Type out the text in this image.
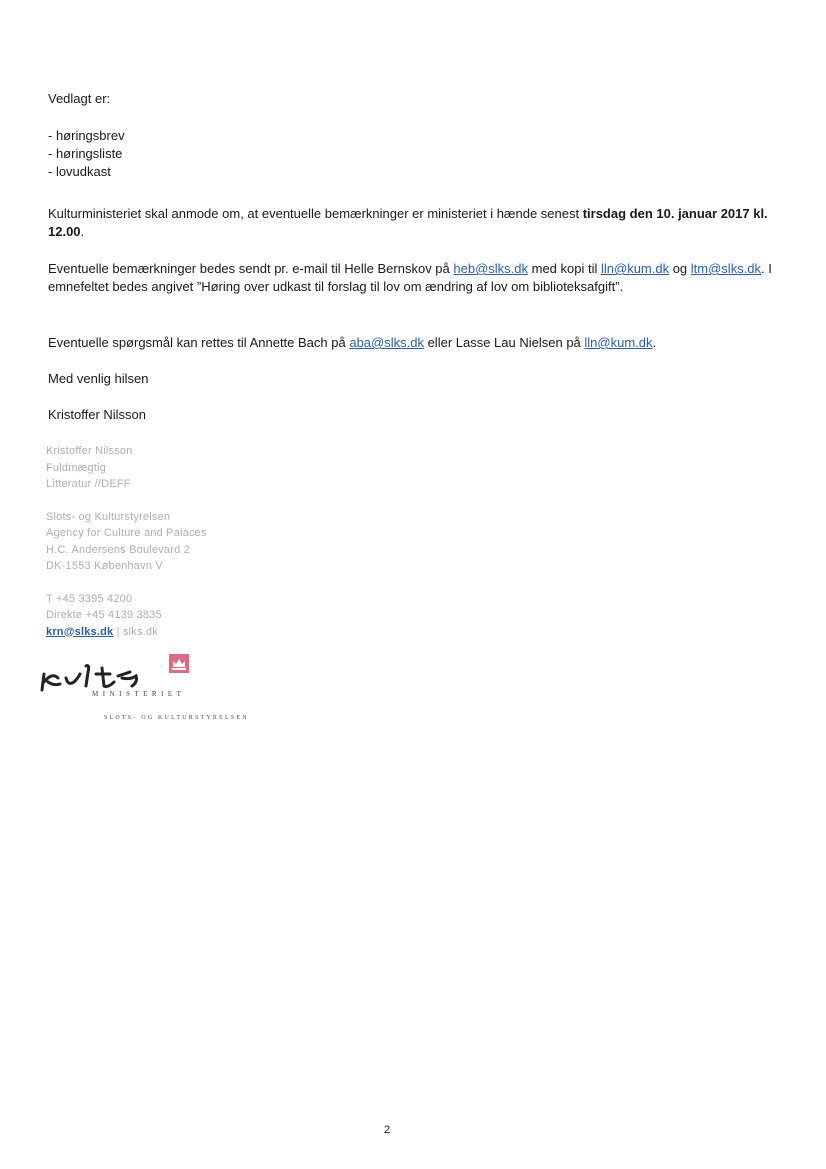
Vedlagt er:
- høringsbrev
- høringsliste
- lovudkast
Kulturministeriet skal anmode om, at eventuelle bemærkninger er ministeriet i hænde senest tirsdag den 10. januar 2017 kl. 12.00.
Eventuelle bemærkninger bedes sendt pr. e-mail til Helle Bernskov på heb@slks.dk med kopi til lln@kum.dk og ltm@slks.dk. I emnefeltet bedes angivet ”Høring over udkast til forslag til lov om ændring af lov om biblioteksafgift”.
Eventuelle spørgsmål kan rettes til Annette Bach på aba@slks.dk eller Lasse Lau Nielsen på lln@kum.dk.
Med venlig hilsen
Kristoffer Nilsson
Kristoffer Nilsson
Fuldmægtig
Litteratur //DEFF
Slots- og Kulturstyrelsen
Agency for Culture and Palaces
H.C. Andersens Boulevard 2
DK-1553 København V
T +45 3395 4200
Direkte +45 4139 3835
krn@slks.dk | slks.dk
MINISTERIET
SLOTS- OG KULTURSTYRELSEN
2
